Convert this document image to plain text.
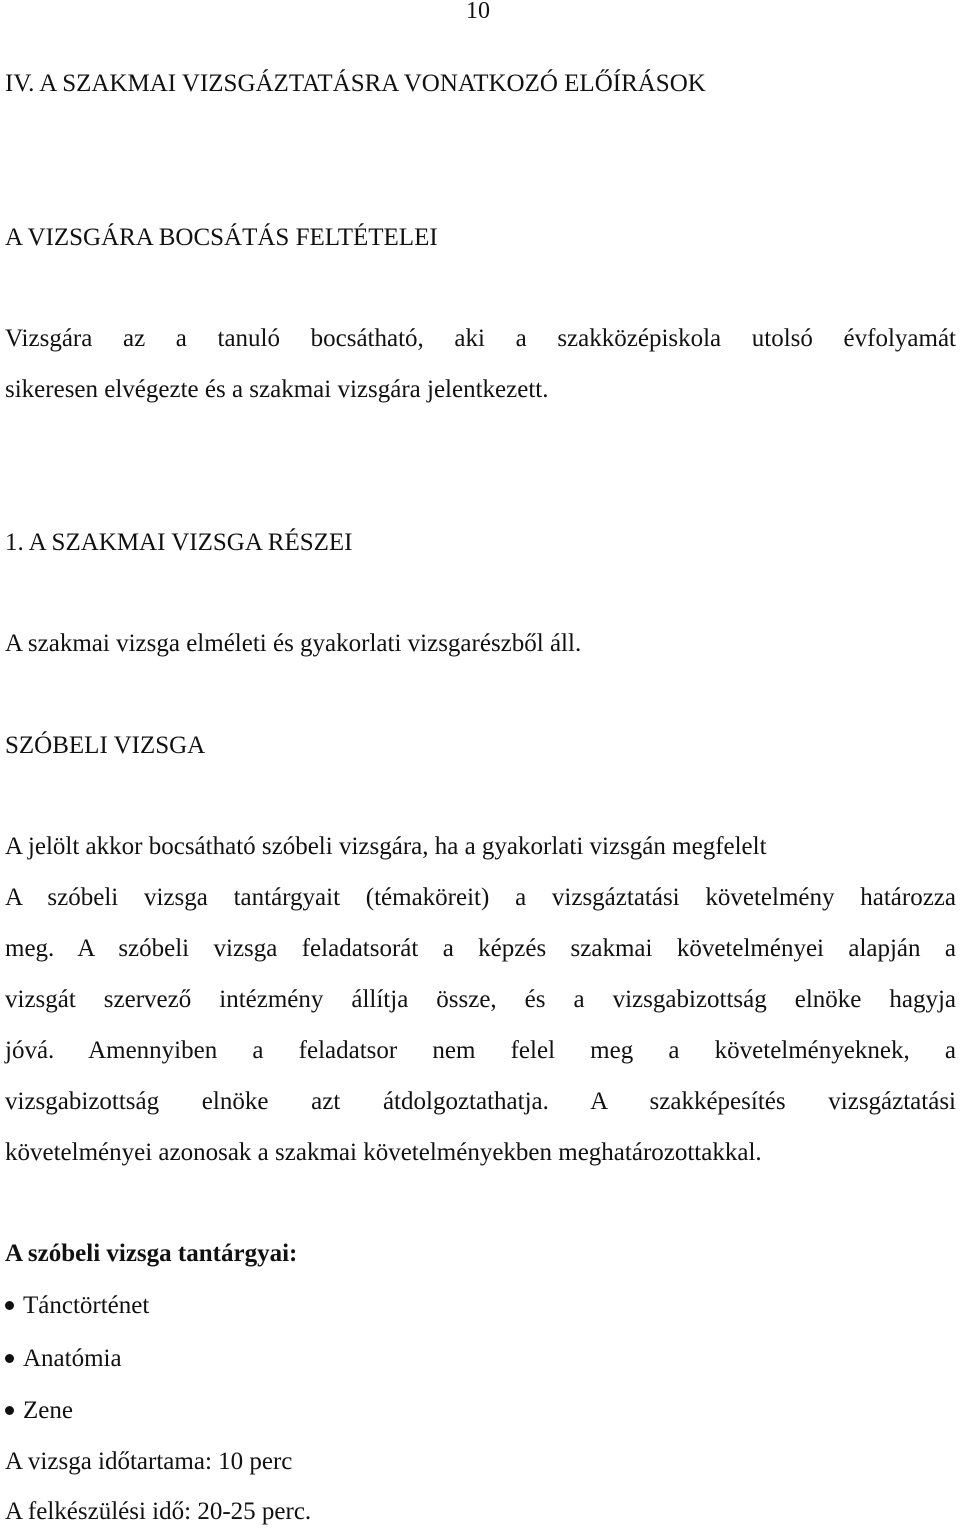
10
IV. A SZAKMAI VIZSGÁZTATÁSRA VONATKOZÓ ELŐÍRÁSOK
A VIZSGÁRA BOCSÁTÁS FELTÉTELEI
Vizsgára az a tanuló bocsátható, aki a szakközépiskola utolsó évfolyamát
sikeresen elvégezte és a szakmai vizsgára jelentkezett.
1. A SZAKMAI VIZSGA RÉSZEI
A szakmai vizsga elméleti és gyakorlati vizsgarészből áll.
SZÓBELI VIZSGA
A jelölt akkor bocsátható szóbeli vizsgára, ha a gyakorlati vizsgán megfelelt
A szóbeli vizsga tantárgyait (témaköreit) a vizsgáztatási követelmény határozza
meg. A szóbeli vizsga feladatsorát a képzés szakmai követelményei alapján a
vizsgát szervező intézmény állítja össze, és a vizsgabizottság elnöke hagyja
jóvá. Amennyiben a feladatsor nem felel meg a követelményeknek, a
vizsgabizottság elnöke azt átdolgoztathatja. A szakképesítés vizsgáztatási
követelményei azonosak a szakmai követelményekben meghatározottakkal.
A szóbeli vizsga tantárgyai:
Tánctörténet
Anatómia
Zene
A vizsga időtartama: 10 perc
A felkészülési idő: 20-25 perc.
